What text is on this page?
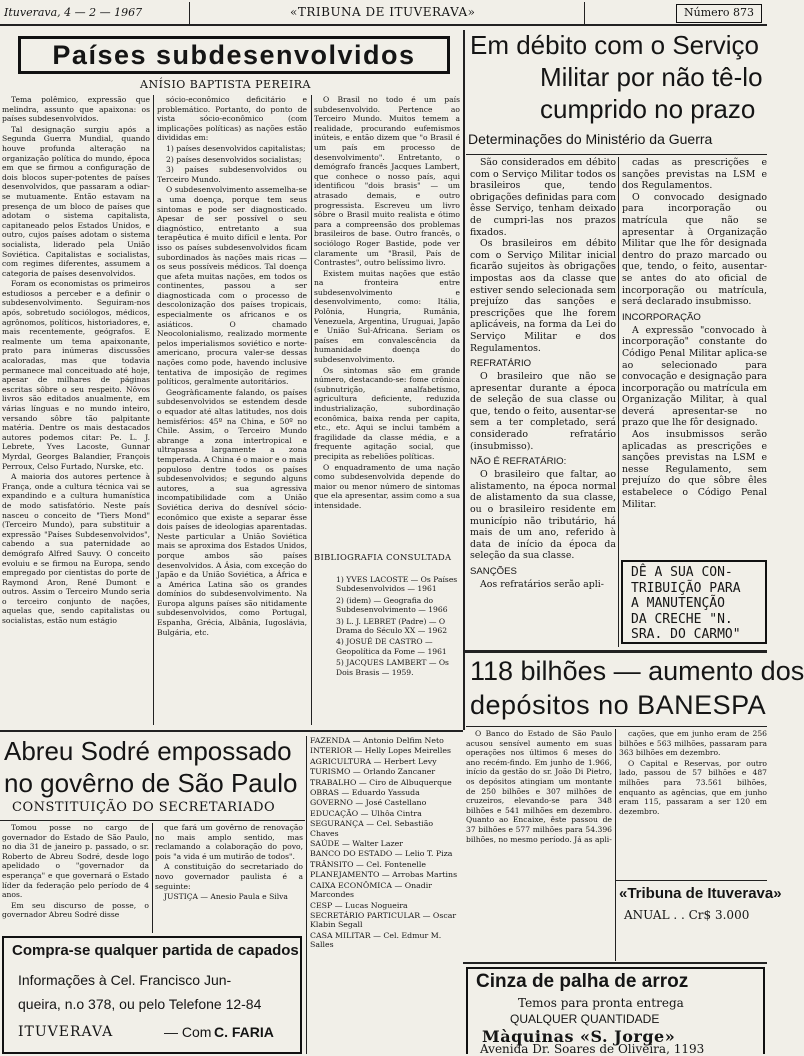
Ituverava, 4 — 2 — 1967	«TRIBUNA DE ITUVERAVA»	Número 873
Países subdesenvolvidos
ANÍSIO BAPTISTA PEREIRA

Tema polêmico, expressão que melindra, assunto que apaixona: os países subdesenvolvidos.

Tal designação surgiu após a Segunda Guerra Mundial, quando houve profunda alteração na organização política do mundo, época em que se firmou a configuração de dois blocos super-potentes de países desenvolvidos, que passaram a odiar-se mutuamente. Então estavam na presença de um bloco de países que adotam o sistema capitalista, capitaneado pelos Estados Unidos, e outro, cujos países adotam o sistema socialista, liderado pela União Soviética. Capitalistas e socialistas, com regimes diferentes, assumem a categoria de países desenvolvidos.

Foram os economistas os primeiros estudiosos a perceber e a definir o subdesenvolvimento. Seguiram-nos após, sobretudo sociólogos, médicos, agrônomos, políticos, historiadores, e, mais recentemente, geógrafos. E realmente um tema apaixonante, prato para inúmeras discussões acaloradas, mas que todavia permanece mal conceituado até hoje, apesar de milhares de páginas escritas sôbre o seu respeito. Nôvos livros são editados anualmente, em várias línguas e no mundo inteiro, versando sôbre tão palpitante matéria. Dentre os mais destacados autores podemos citar: Pe. L. J. Lebrete, Yves Lacoste, Gunnar Myrdal, Georges Balandier, François Perroux, Celso Furtado, Nurske, etc.

A maioria dos autores pertence à França, onde a cultura técnica vai se expandindo e a cultura humanística de modo satisfatório. Neste país nasceu o conceito de "Tiers Mond" (Terceiro Mundo), para substituir a expressão "Países Subdesenvolvidos", cabendo a sua paternidade ao demógrafo Alfred Sauvy. O conceito evoluiu e se firmou na Europa, sendo empregado por cientistas do porte de Raymond Aron, René Dumont e outros. Assim o Terceiro Mundo seria o terceiro conjunto de nações, aquelas que, sendo capitalistas ou socialistas, estão num estágio

sócio-econômico deficitário e problemático. Portanto, do ponto de vista sócio-econômico (com implicações políticas) as nações estão divididas em:

1) países desenvolvidos capitalistas;

2) países desenvolvidos socialistas;

3) países subdesenvolvidos ou Terceiro Mundo.

O subdesenvolvimento assemelha-se a uma doença, porque tem seus sintomas e pode ser diagnosticado. Apesar de ser possível o seu diagnóstico, entretanto a sua terapêutica é muito difícil e lenta. Por isso os países subdesenvolvidos ficam subordinados às nações mais ricas — os seus possíveis médicos. Tal doença que afeta muitas nações, em todos os continentes, passou a ser diagnosticada com o processo de descolonização dos países tropicais, especialmente os africanos e os asiáticos. O chamado Neocolonialismo, realizado mormente pelos imperialismos soviético e norte-americano, procura valer-se dessas nações como pode, havendo inclusive tentativa de imposição de regimes políticos, geralmente autoritários.

Geogràficamente falando, os países subdesenvolvidos se estendem desde o equador até altas latitudes, nos dois hemisférios: 45º na China, e 50º no Chile. Assim, o Terceiro Mundo abrange a zona intertropical e ultrapassa largamente a zona temperada. A China é o maior e o mais populoso dentre todos os países subdesenvolvidos; e segundo alguns autores, a sua agressiva incompatibilidade com a União Soviética deriva do desnível sócio-econômico que existe a separar êsse dois países de ideologias aparentadas. Neste particular a União Soviética mais se aproxima dos Estados Unidos, porque ambos são países desenvolvidos. A Ásia, com exceção do Japão e da União Soviética, a África e a América Latina são os grandes domínios do subdesenvolvimento. Na Europa alguns países são nitidamente subdesenvolvidos, como Portugal, Espanha, Grécia, Albânia, Iugoslávia, Bulgária, etc.

O Brasil no todo é um país subdesenvolvido. Pertence ao Terceiro Mundo. Muitos temem a realidade, procurando eufemismos inúteis, e então dizem que "o Brasil é um país em processo de desenvolvimento". Entretanto, o demógrafo francês Jacques Lambert, que conhece o nosso país, aqui identificou "dois brasis" — um atrasado demais, e outro progressista. Escreveu um livro sôbre o Brasil muito realista e ótimo para a compreensão dos problemas brasileiros de base. Outro francês, o sociólogo Roger Bastide, pode ver claramente um "Brasil, País de Contrastes", outro belíssimo livro.

Existem muitas nações que estão na fronteira entre subdesenvolvimento e desenvolvimento, como: Itália, Polônia, Hungria, Rumânia, Venezuela, Argentina, Uruguai, Japão e União Sul-Africana. Seriam os países em convalescência da humanidade doença do subdesenvolvimento.

Os sintomas são em grande número, destacando-se: fome crônica (subnutrição, analfabetismo, agricultura deficiente, reduzida industrialização, subordinação econômica, baixa renda per capita, etc., etc. Aqui se inclui também a fragilidade da classe média, e a frequente agitação social, que precipita as rebeliões políticas.

O enquadramento de uma nação como subdesenvolvida depende do maior ou menor número de sintomas que ela apresentar, assim como a sua intensidade.

BIBLIOGRAFIA CONSULTADA
1) YVES LACOSTE — Os Países Subdesenvolvidos — 1961
2) (idem) — Geografia do Subdesenvolvimento — 1966
3) L. J. LEBRET (Padre) — O Drama do Século XX — 1962
4) JOSUÉ DE CASTRO — Geopolítica da Fome — 1961
5) JACQUES LAMBERT — Os Dois Brasis — 1959.
Em débito com o Serviço
Militar por não tê-lo
cumprido no prazo
Determinações do Ministério da Guerra

São considerados em débito com o Serviço Militar todos os brasileiros que, tendo obrigações definidas para com êsse Serviço, tenham deixado de cumpri-las nos prazos fixados.

Os brasileiros em débito com o Serviço Militar inicial ficarão sujeitos às obrigações impostas aos da classe que estiver sendo selecionada sem prejuízo das sanções e prescrições que lhe forem aplicáveis, na forma da Lei do Serviço Militar e dos Regulamentos.

REFRATÁRIO

O brasileiro que não se apresentar durante a época de seleção de sua classe ou que, tendo o feito, ausentar-se sem a ter completado, será considerado refratário (insubmisso).

NÃO É REFRATÁRIO:

O brasileiro que faltar, ao alistamento, na época normal de alistamento da sua classe, ou o brasileiro residente em município não tributário, há mais de um ano, referido à data de início da época da seleção da sua classe.

SANÇÕES

Aos refratários serão apli-

cadas as prescrições e sanções previstas na LSM e dos Regulamentos.

O convocado designado para incorporação ou matrícula que não se apresentar à Organização Militar que lhe fôr designada dentro do prazo marcado ou que, tendo, o feito, ausentar-se antes do ato oficial de incorporação ou matrícula, será declarado insubmisso.

INCORPORAÇÃO

A expressão "convocado à incorporação" constante do Código Penal Militar aplica-se ao selecionado para convocação e designação para incorporação ou matrícula em Organização Militar, à qual deverá apresentar-se no prazo que lhe fôr designado.

Aos insubmissos serão aplicadas as prescrições e sanções previstas na LSM e nesse Regulamento, sem prejuízo do que sôbre êles estabelece o Código Penal Militar.

DÊ A SUA CON-
TRIBUIÇÃO PARA
A MANUTENÇÃO
DA CRECHE "N.
SRA. DO CARMO"
118 bilhões — aumento dos
depósitos no BANESPA

O Banco do Estado de São Paulo acusou sensível aumento em suas operações nos últimos 6 meses do ano recém-findo. Em junho de 1.966, início da gestão do sr. João Di Pietro, os depósitos atingiam um montante de 250 bilhões e 307 milhões de cruzeiros, elevando-se para 348 bilhões e 541 milhões em dezembro. Quanto ao Encaixe, êste passou de 37 bilhões e 577 milhões para 54.396 bilhões, no mesmo período. Já as apli-

cações, que em junho eram de 256 bilhões e 563 milhões, passaram para 363 bilhões em dezembro.

O Capital e Reservas, por outro lado, passou de 57 bilhões e 487 milhões para 73.561 bilhões, enquanto as agências, que em junho eram 115, passaram a ser 120 em dezembro.

«Tribuna de Ituverava»
ANUAL . . Cr$ 3.000
Abreu Sodré empossado
no govêrno de São Paulo
CONSTITUIÇÃO DO SECRETARIADO

Tomou posse no cargo de governador do Estado de São Paulo, no dia 31 de janeiro p. passado, o sr. Roberto de Abreu Sodré, desde logo apelidado o "governador da esperança" e que governará o Estado líder da federação pelo período de 4 anos.

Em seu discurso de posse, o governador Abreu Sodré disse

que fará um govêrno de renovação no mais amplo sentido, mas reclamando a colaboração do povo, pois "a vida é um mutirão de todos".

A constituição do secretariado do novo governador paulista é a seguinte:

JUSTIÇA — Anesio Paula e Silva

FAZENDA — Antonio Delfim Neto
INTERIOR — Helly Lopes Meirelles
AGRICULTURA — Herbert Levy
TURISMO — Orlando Zancaner
TRABALHO — Ciro de Albuquerque
OBRAS — Eduardo Yassuda
GOVERNO — José Castellano
EDUCAÇÃO — Ulhôa Cintra
SEGURANÇA — Cel. Sebastião Chaves
SAÚDE — Walter Lazer
BANCO DO ESTADO — Lelio T. Piza
TRÂNSITO — Cel. Fontenelle
PLANEJAMENTO — Arrobas Martins
CAIXA ECONÔMICA — Onadir Marcondes
CESP — Lucas Nogueira
SECRETÁRIO PARTICULAR — Oscar Klabin Segall
CASA MILITAR — Cel. Edmur M. Salles
Compra-se qualquer partida de capados
Informações à Cel. Francisco Jun-
queira, n.o 378, ou pelo Telefone 12-84
ITUVERAVA	— Com C. FARIA
Cinza de palha de arroz
Temos para pronta entrega
QUALQUER QUANTIDADE
Màquinas «S. Jorge»
Avenida Dr. Soares de Oliveira, 1193
